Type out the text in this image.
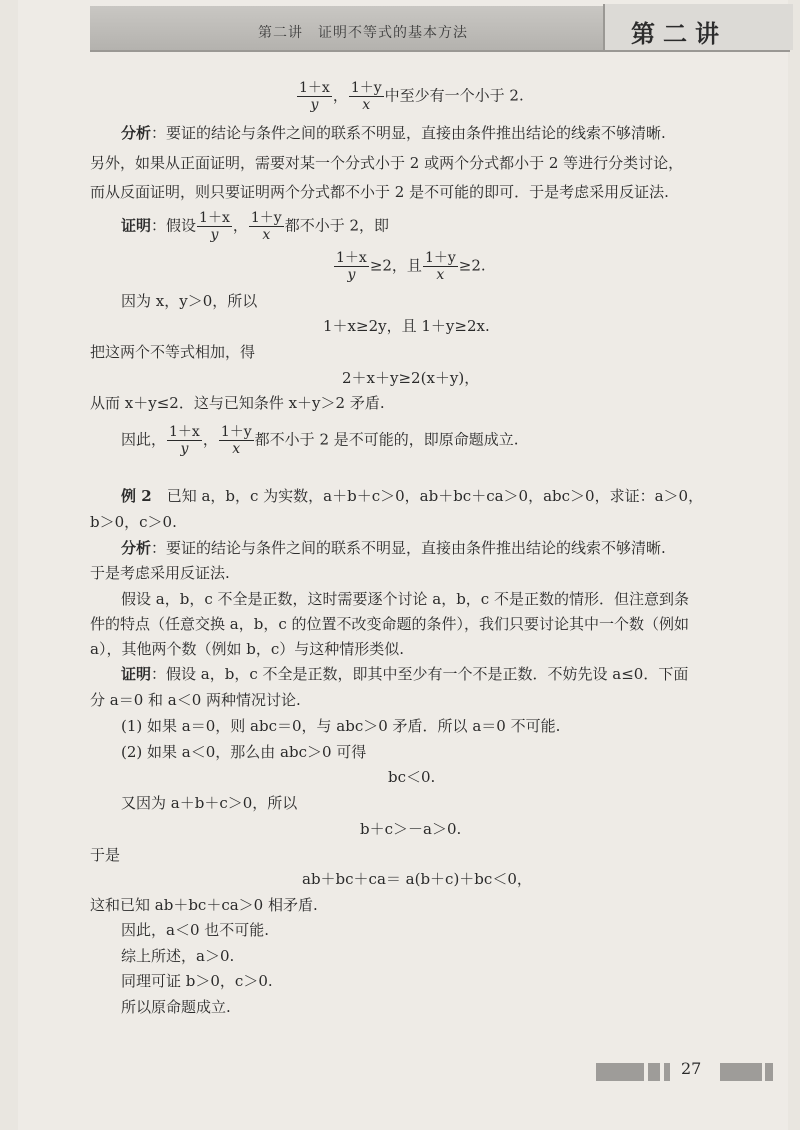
第二讲　证明不等式的基本方法	第二讲
$\frac{1+x}{y}$ ， $\frac{1+y}{x}$ 中至少有一个小于 2.
分析：要证的结论与条件之间的联系不明显，直接由条件推出结论的线索不够清晰.
另外，如果从正面证明，需要对某一个分式小于 2 或两个分式都小于 2 等进行分类讨论，
而从反面证明，则只要证明两个分式都不小于 2 是不可能的即可．于是考虑采用反证法.
证明：假设 $\frac{1+x}{y}$ ， $\frac{1+y}{x}$ 都不小于 2，即
$\frac{1+x}{y} \ge 2$，且 $\frac{1+y}{x} \ge 2$.
因为 x，y＞0，所以
1＋x≥2y，且 1＋y≥2x.
把这两个不等式相加，得
2＋x＋y≥2(x＋y)，
从而 x＋y≤2．这与已知条件 x＋y＞2 矛盾.
因此， $\frac{1+x}{y}$ ， $\frac{1+y}{x}$ 都不小于 2 是不可能的，即原命题成立.
例 2　 已知 a，b，c 为实数，a＋b＋c＞0，ab＋bc＋ca＞0，abc＞0，求证：a＞0，
b＞0，c＞0.
分析：要证的结论与条件之间的联系不明显，直接由条件推出结论的线索不够清晰.
于是考虑采用反证法.
假设 a，b，c 不全是正数，这时需要逐个讨论 a，b，c 不是正数的情形．但注意到条
件的特点（任意交换 a，b，c 的位置不改变命题的条件），我们只要讨论其中一个数（例如
a），其他两个数（例如 b，c）与这种情形类似.
证明：假设 a，b，c 不全是正数，即其中至少有一个不是正数．不妨先设 a≤0．下面
分 a＝0 和 a＜0 两种情况讨论.
(1) 如果 a＝0，则 abc＝0，与 abc＞0 矛盾．所以 a＝0 不可能.
(2) 如果 a＜0，那么由 abc＞0 可得
bc＜0.
又因为 a＋b＋c＞0，所以
b＋c＞－a＞0.
于是
ab＋bc＋ca＝ a(b＋c)＋bc＜0，
这和已知 ab＋bc＋ca＞0 相矛盾.
因此，a＜0 也不可能.
综上所述，a＞0.
同理可证 b＞0，c＞0.
所以原命题成立.
27
